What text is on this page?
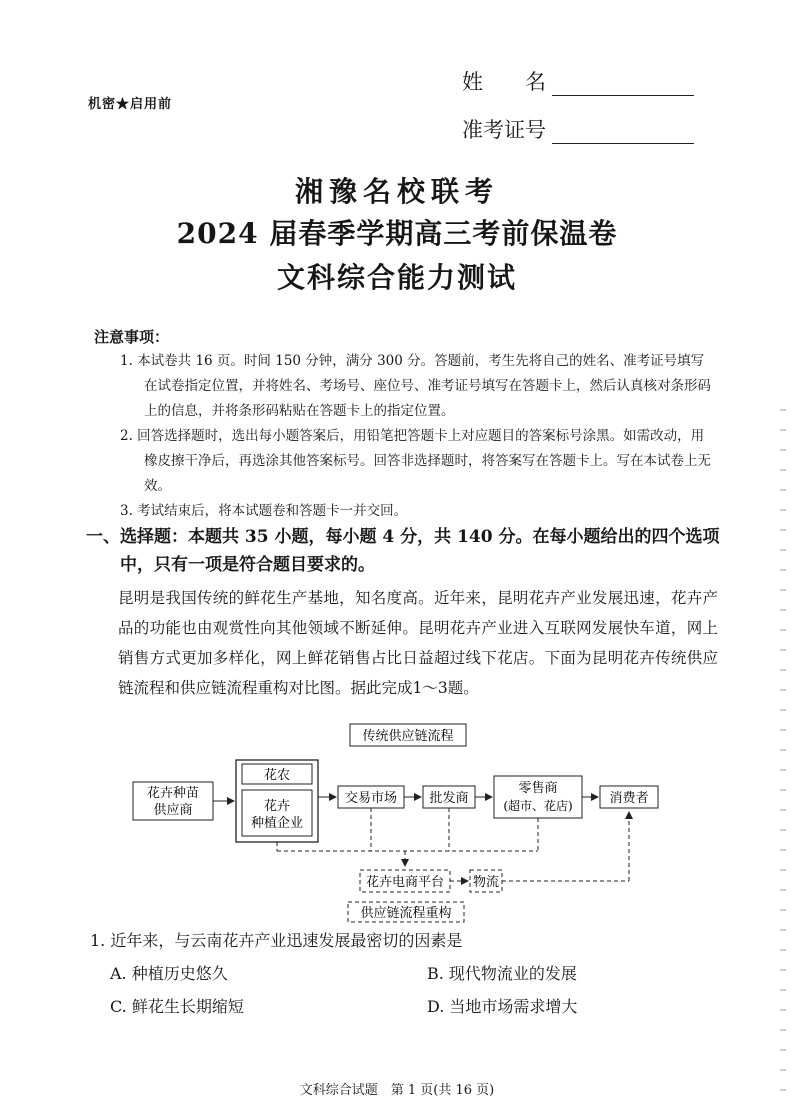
机密★启用前
姓　　名
准考证号
湘豫名校联考
2024 届春季学期高三考前保温卷
文科综合能力测试
注意事项：
1. 本试卷共 16 页。时间 150 分钟，满分 300 分。答题前，考生先将自己的姓名、准考证号填写在试卷指定位置，并将姓名、考场号、座位号、准考证号填写在答题卡上，然后认真核对条形码上的信息，并将条形码粘贴在答题卡上的指定位置。
2. 回答选择题时，选出每小题答案后，用铅笔把答题卡上对应题目的答案标号涂黑。如需改动，用橡皮擦干净后，再选涂其他答案标号。回答非选择题时，将答案写在答题卡上。写在本试卷上无效。
3. 考试结束后，将本试题卷和答题卡一并交回。
一、选择题：本题共 35 小题，每小题 4 分，共 140 分。在每小题给出的四个选项
中，只有一项是符合题目要求的。
昆明是我国传统的鲜花生产基地，知名度高。近年来，昆明花卉产业发展迅速，花卉产品的功能也由观赏性向其他领域不断延伸。昆明花卉产业进入互联网发展快车道，网上销售方式更加多样化，网上鲜花销售占比日益超过线下花店。下面为昆明花卉传统供应链流程和供应链流程重构对比图。据此完成1～3题。
传统供应链流程
花卉种苗
供应商
花农
花卉
种植企业
交易市场 批发商
零售商
(超市、花店)	消费者
花卉电商平台 物流
供应链流程重构
1. 近年来，与云南花卉产业迅速发展最密切的因素是
A. 种植历史悠久	B. 现代物流业的发展
C. 鲜花生长期缩短	D. 当地市场需求增大
文科综合试题　第 1 页(共 16 页)
